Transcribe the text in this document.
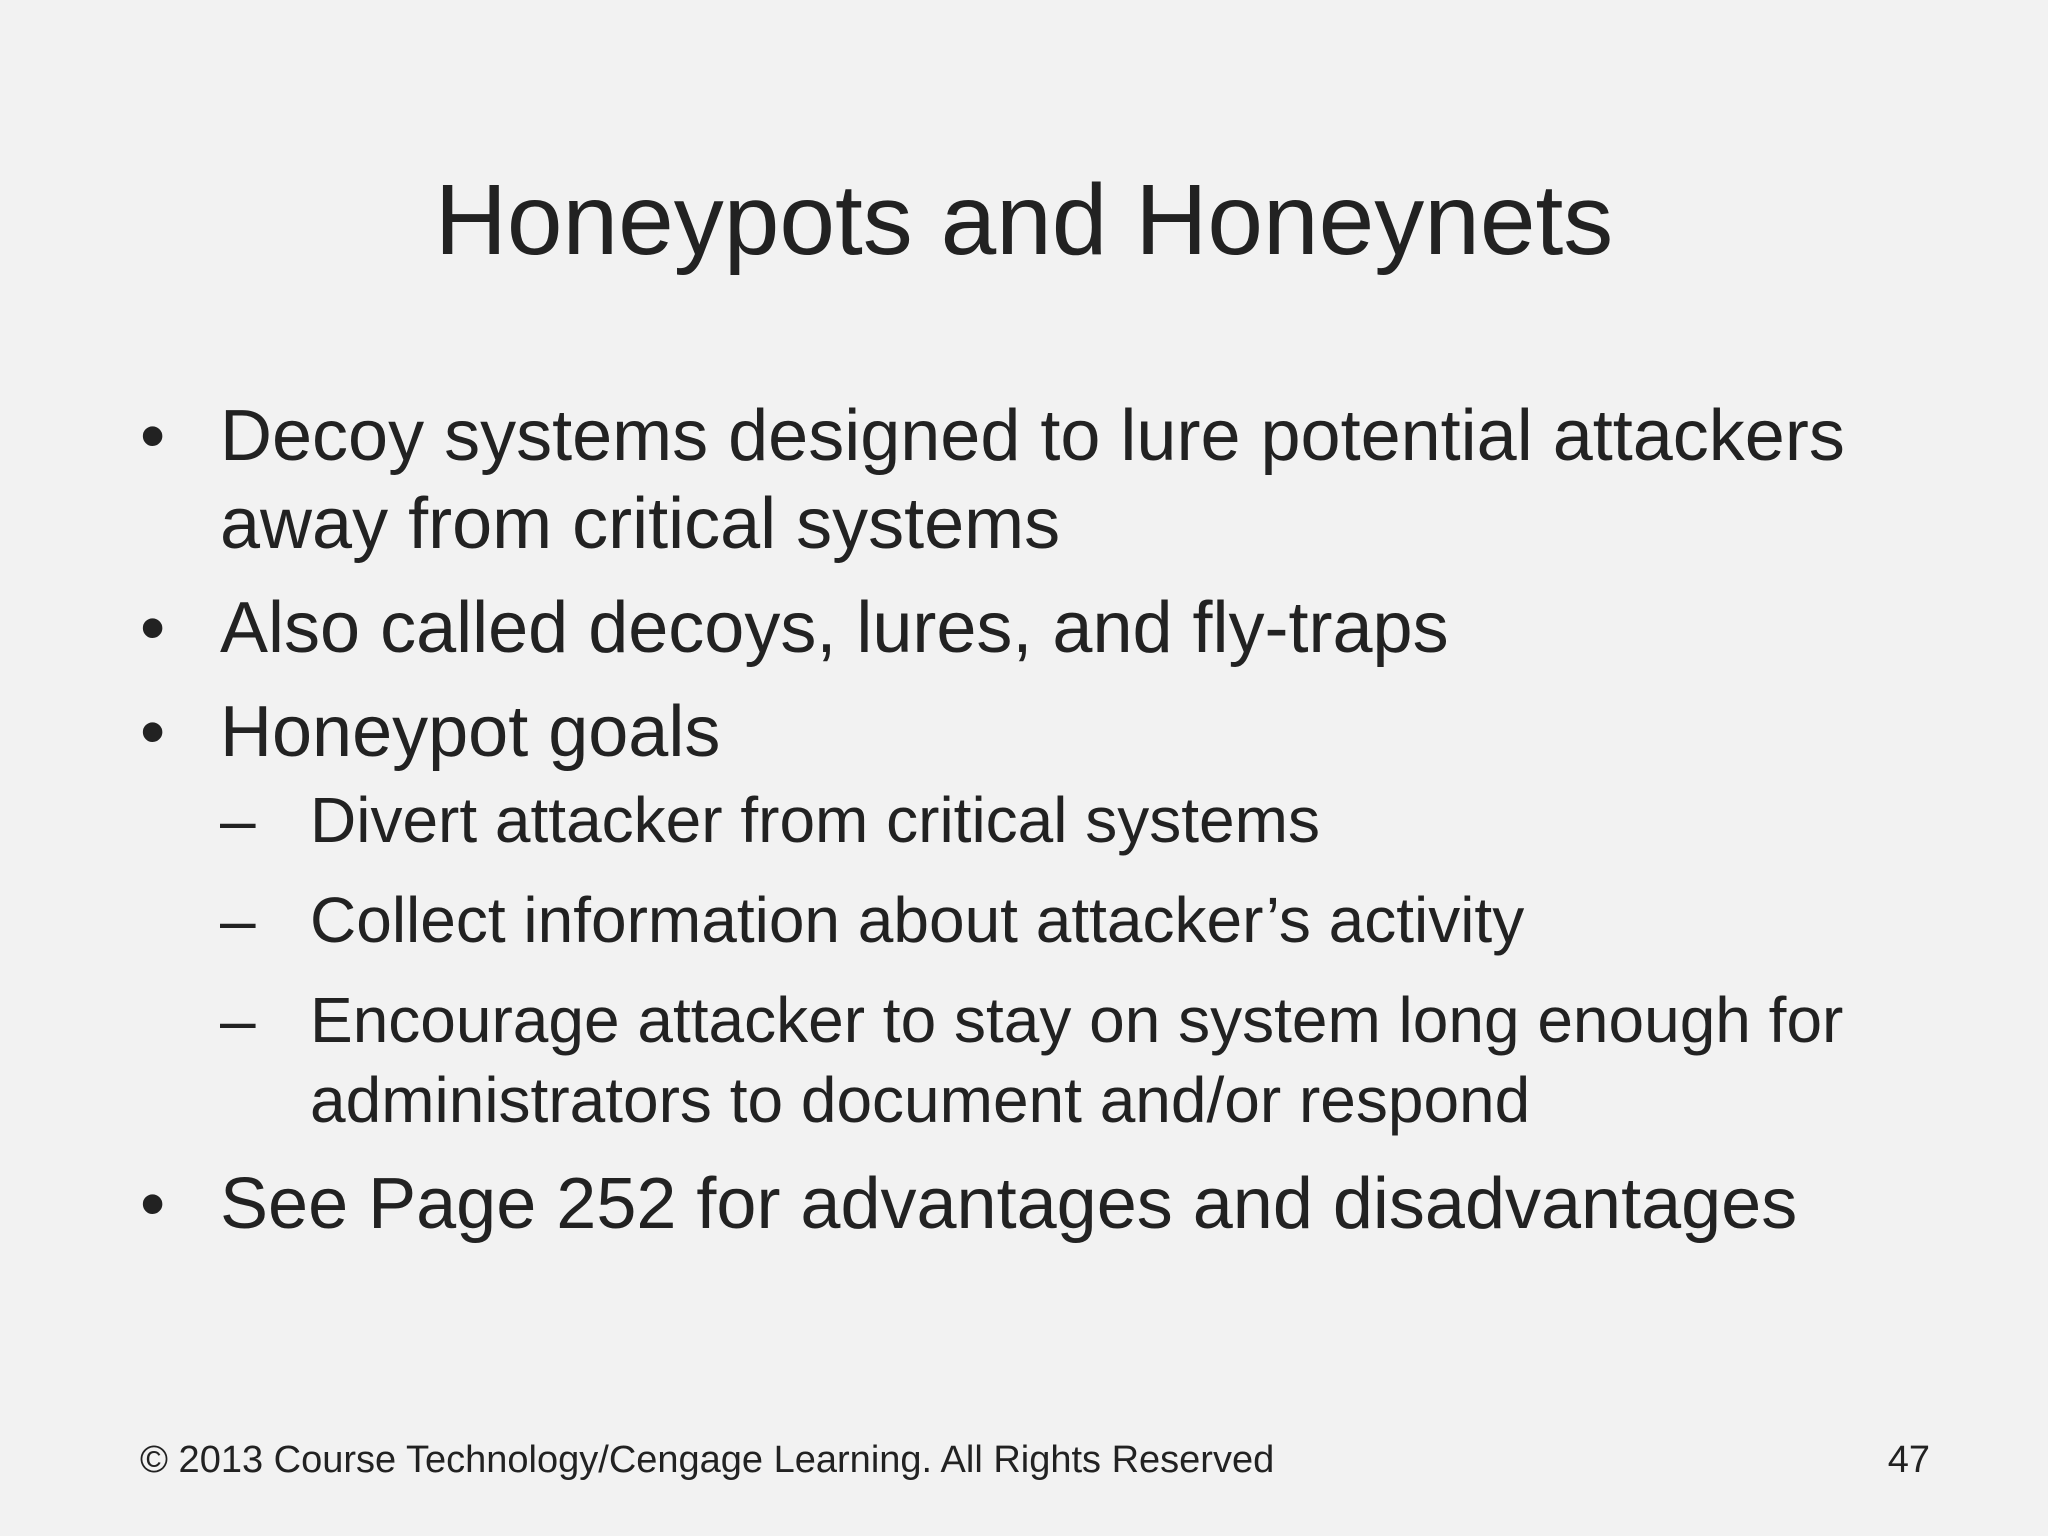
Honeypots and Honeynets
• Decoy systems designed to lure potential attackers away from critical systems
• Also called decoys, lures, and fly-traps
• Honeypot goals
– Divert attacker from critical systems
– Collect information about attacker’s activity
– Encourage attacker to stay on system long enough for administrators to document and/or respond
• See Page 252 for advantages and disadvantages
© 2013 Course Technology/Cengage Learning. All Rights Reserved	47
